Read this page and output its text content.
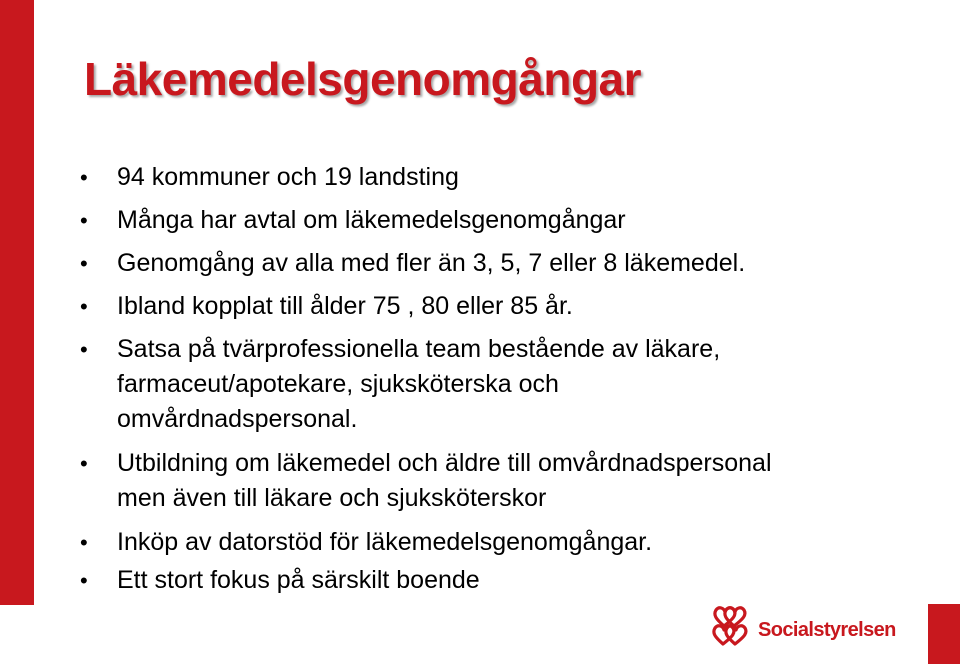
Läkemedelsgenomgångar
• 94 kommuner och 19 landsting
• Många har avtal om läkemedelsgenomgångar
• Genomgång av alla med fler än 3, 5, 7 eller 8 läkemedel.
• Ibland kopplat till ålder 75 , 80 eller 85 år.
• Satsa på tvärprofessionella team bestående av läkare,
farmaceut/apotekare, sjuksköterska och
omvårdnadspersonal.
• Utbildning om läkemedel och äldre till omvårdnadspersonal
men även till läkare och sjuksköterskor
• Inköp av datorstöd för läkemedelsgenomgångar.
• Ett stort fokus på särskilt boende
Socialstyrelsen
